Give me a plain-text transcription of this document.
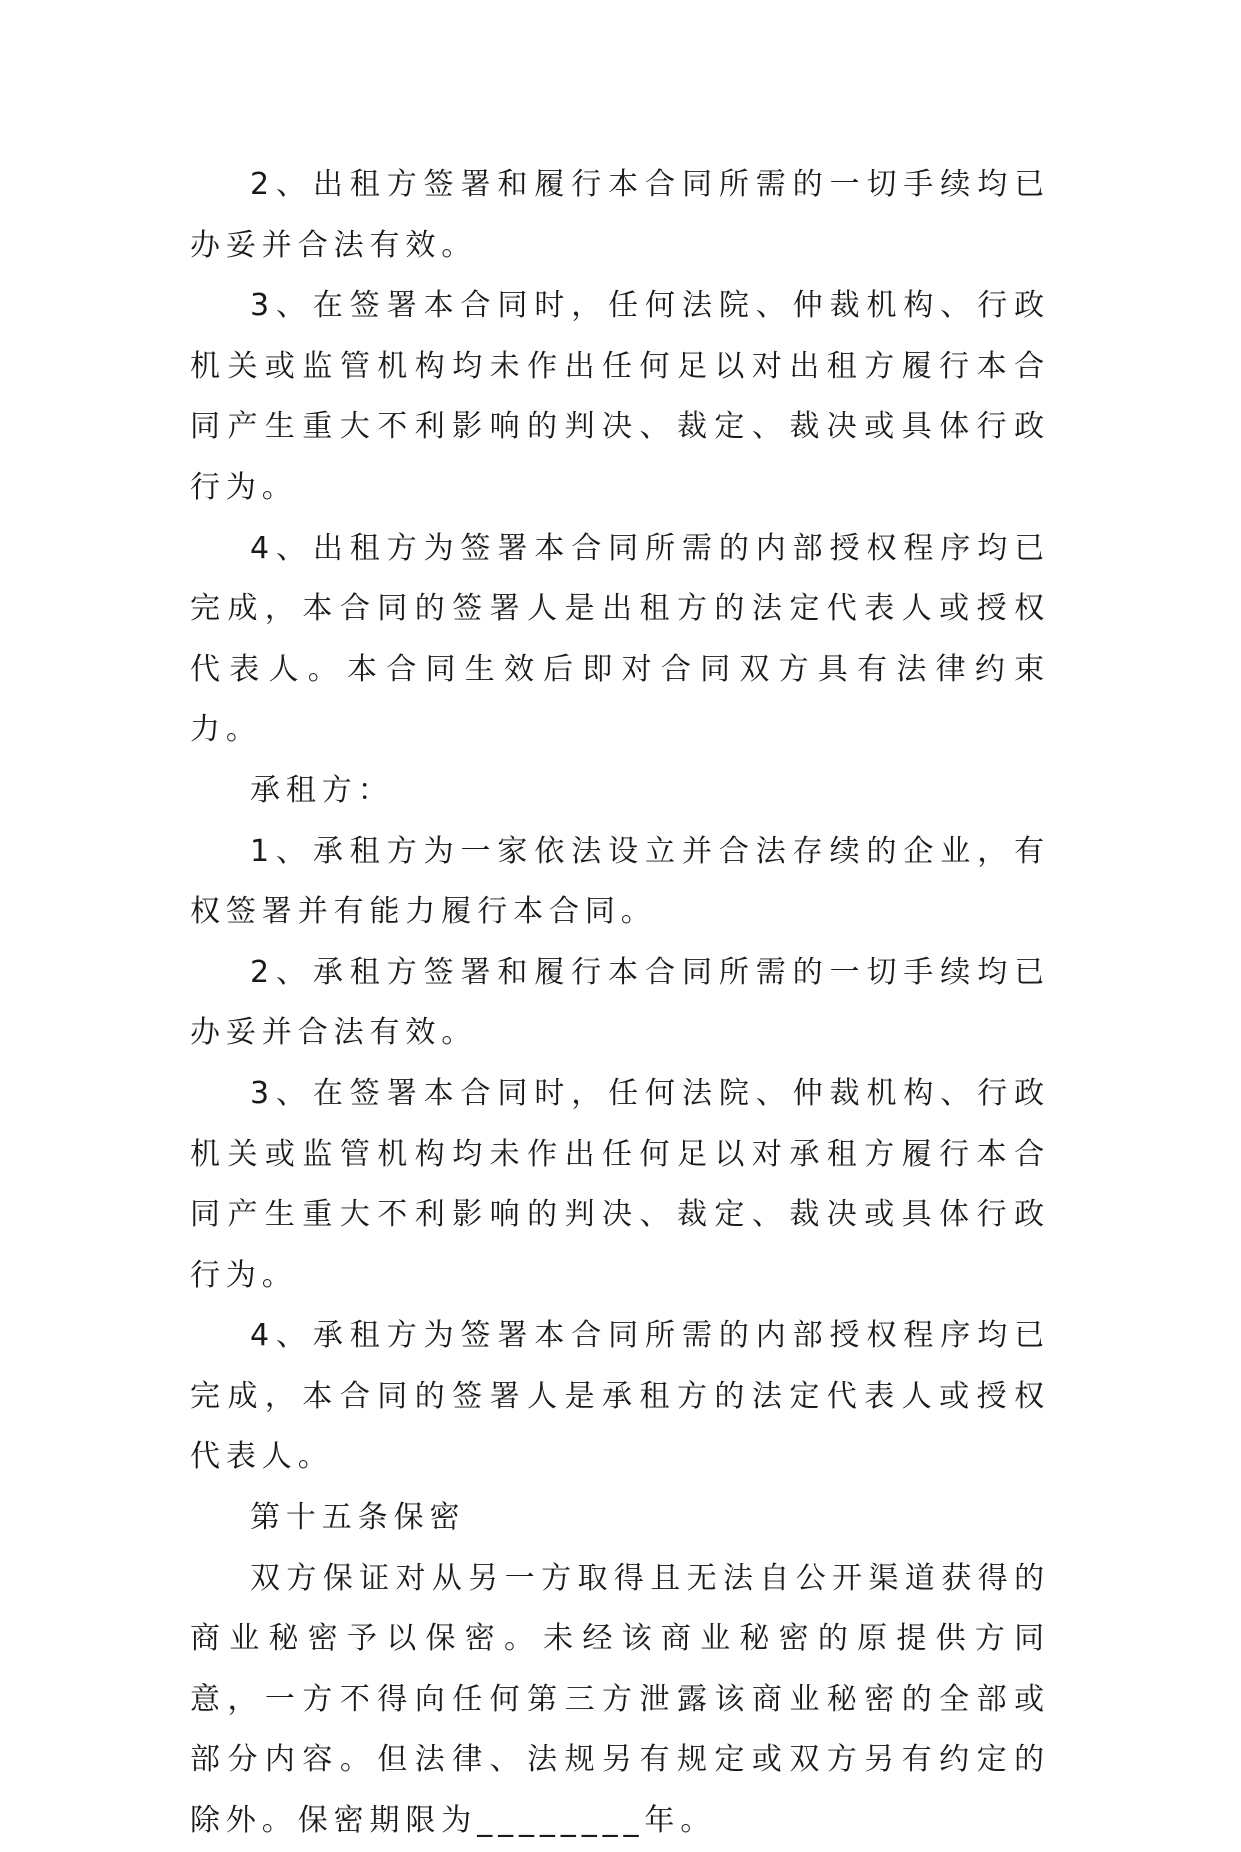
2、出租方签署和履行本合同所需的一切手续均已办妥并合法有效。

3、在签署本合同时，任何法院、仲裁机构、行政机关或监管机构均未作出任何足以对出租方履行本合同产生重大不利影响的判决、裁定、裁决或具体行政行为。

4、出租方为签署本合同所需的内部授权程序均已完成，本合同的签署人是出租方的法定代表人或授权代表人。本合同生效后即对合同双方具有法律约束力。

承租方：

1、承租方为一家依法设立并合法存续的企业，有权签署并有能力履行本合同。

2、承租方签署和履行本合同所需的一切手续均已办妥并合法有效。

3、在签署本合同时，任何法院、仲裁机构、行政机关或监管机构均未作出任何足以对承租方履行本合同产生重大不利影响的判决、裁定、裁决或具体行政行为。

4、承租方为签署本合同所需的内部授权程序均已完成，本合同的签署人是承租方的法定代表人或授权代表人。

第十五条保密

双方保证对从另一方取得且无法自公开渠道获得的商业秘密予以保密。未经该商业秘密的原提供方同意，一方不得向任何第三方泄露该商业秘密的全部或部分内容。但法律、法规另有规定或双方另有约定的除外。保密期限为________年。
